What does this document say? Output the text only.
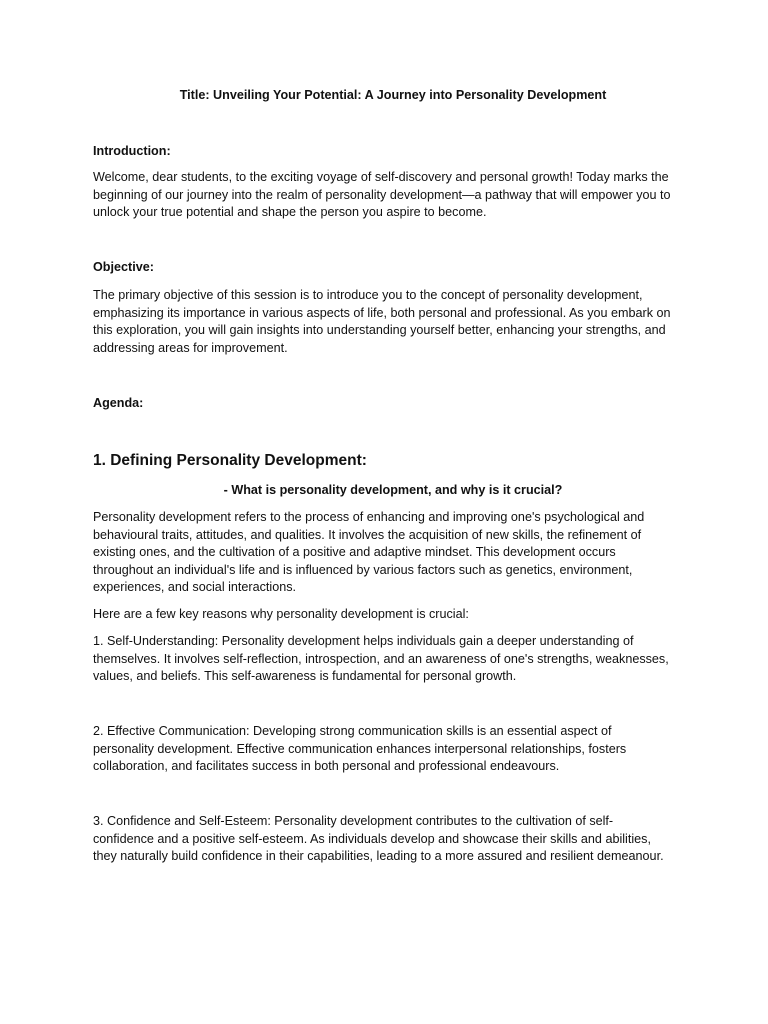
Title: Unveiling Your Potential: A Journey into Personality Development
Introduction:
Welcome, dear students, to the exciting voyage of self-discovery and personal growth! Today marks the beginning of our journey into the realm of personality development—a pathway that will empower you to unlock your true potential and shape the person you aspire to become.
Objective:
The primary objective of this session is to introduce you to the concept of personality development, emphasizing its importance in various aspects of life, both personal and professional. As you embark on this exploration, you will gain insights into understanding yourself better, enhancing your strengths, and addressing areas for improvement.
Agenda:
1. Defining Personality Development:
- What is personality development, and why is it crucial?
Personality development refers to the process of enhancing and improving one's psychological and behavioural traits, attitudes, and qualities. It involves the acquisition of new skills, the refinement of existing ones, and the cultivation of a positive and adaptive mindset. This development occurs throughout an individual's life and is influenced by various factors such as genetics, environment, experiences, and social interactions.
Here are a few key reasons why personality development is crucial:
1. Self-Understanding: Personality development helps individuals gain a deeper understanding of themselves. It involves self-reflection, introspection, and an awareness of one's strengths, weaknesses, values, and beliefs. This self-awareness is fundamental for personal growth.
2. Effective Communication: Developing strong communication skills is an essential aspect of personality development. Effective communication enhances interpersonal relationships, fosters collaboration, and facilitates success in both personal and professional endeavours.
3. Confidence and Self-Esteem: Personality development contributes to the cultivation of self-confidence and a positive self-esteem. As individuals develop and showcase their skills and abilities, they naturally build confidence in their capabilities, leading to a more assured and resilient demeanour.
